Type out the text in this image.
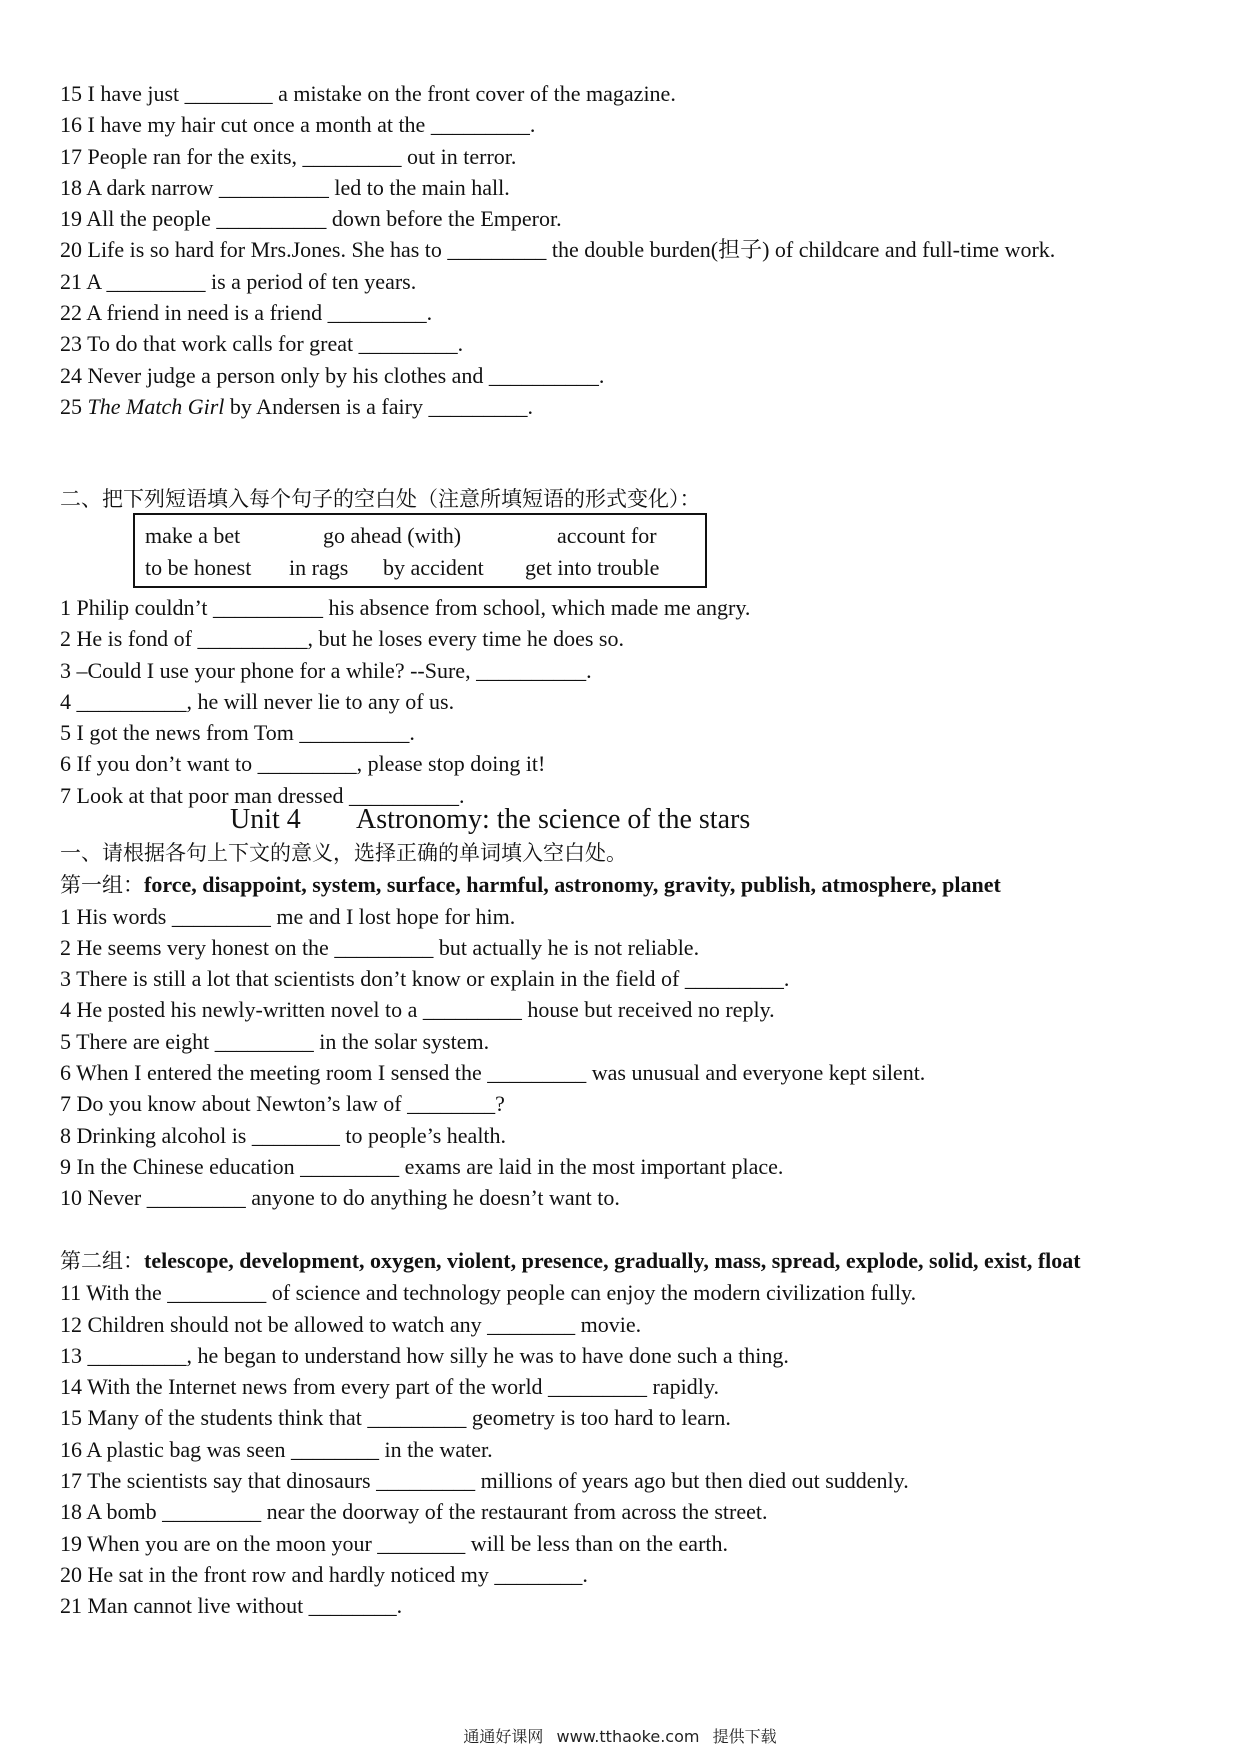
15 I have just ________ a mistake on the front cover of the magazine.
16 I have my hair cut once a month at the _________.
17 People ran for the exits, _________ out in terror.
18 A dark narrow __________ led to the main hall.
19 All the people __________ down before the Emperor.
20 Life is so hard for Mrs.Jones. She has to _________ the double burden(担子) of childcare and full-time work.
21 A _________ is a period of ten years.
22 A friend in need is a friend _________.
23 To do that work calls for great _________.
24 Never judge a person only by his clothes and __________.
25 The Match Girl by Andersen is a fairy _________.
二、把下列短语填入每个句子的空白处（注意所填短语的形式变化）：
make a bet	go ahead (with)	account for
to be honest in rags by accident get into trouble
1 Philip couldn’t __________ his absence from school, which made me angry.
2 He is fond of __________, but he loses every time he does so.
3 –Could I use your phone for a while? --Sure, __________.
4 __________, he will never lie to any of us.
5 I got the news from Tom __________.
6 If you don’t want to _________, please stop doing it!
7 Look at that poor man dressed __________.
Unit 4 Astronomy: the science of the stars
一、请根据各句上下文的意义，选择正确的单词填入空白处。
第一组：force, disappoint, system, surface, harmful, astronomy, gravity, publish, atmosphere, planet
1 His words _________ me and I lost hope for him.
2 He seems very honest on the _________ but actually he is not reliable.
3 There is still a lot that scientists don’t know or explain in the field of _________.
4 He posted his newly-written novel to a _________ house but received no reply.
5 There are eight _________ in the solar system.
6 When I entered the meeting room I sensed the _________ was unusual and everyone kept silent.
7 Do you know about Newton’s law of ________?
8 Drinking alcohol is ________ to people’s health.
9 In the Chinese education _________ exams are laid in the most important place.
10 Never _________ anyone to do anything he doesn’t want to.
第二组：telescope, development, oxygen, violent, presence, gradually, mass, spread, explode, solid, exist, float
11 With the _________ of science and technology people can enjoy the modern civilization fully.
12 Children should not be allowed to watch any ________ movie.
13 _________, he began to understand how silly he was to have done such a thing.
14 With the Internet news from every part of the world _________ rapidly.
15 Many of the students think that _________ geometry is too hard to learn.
16 A plastic bag was seen ________ in the water.
17 The scientists say that dinosaurs _________ millions of years ago but then died out suddenly.
18 A bomb _________ near the doorway of the restaurant from across the street.
19 When you are on the moon your ________ will be less than on the earth.
20 He sat in the front row and hardly noticed my ________.
21 Man cannot live without ________.
通通好课网 www.tthaoke.com 提供下载
